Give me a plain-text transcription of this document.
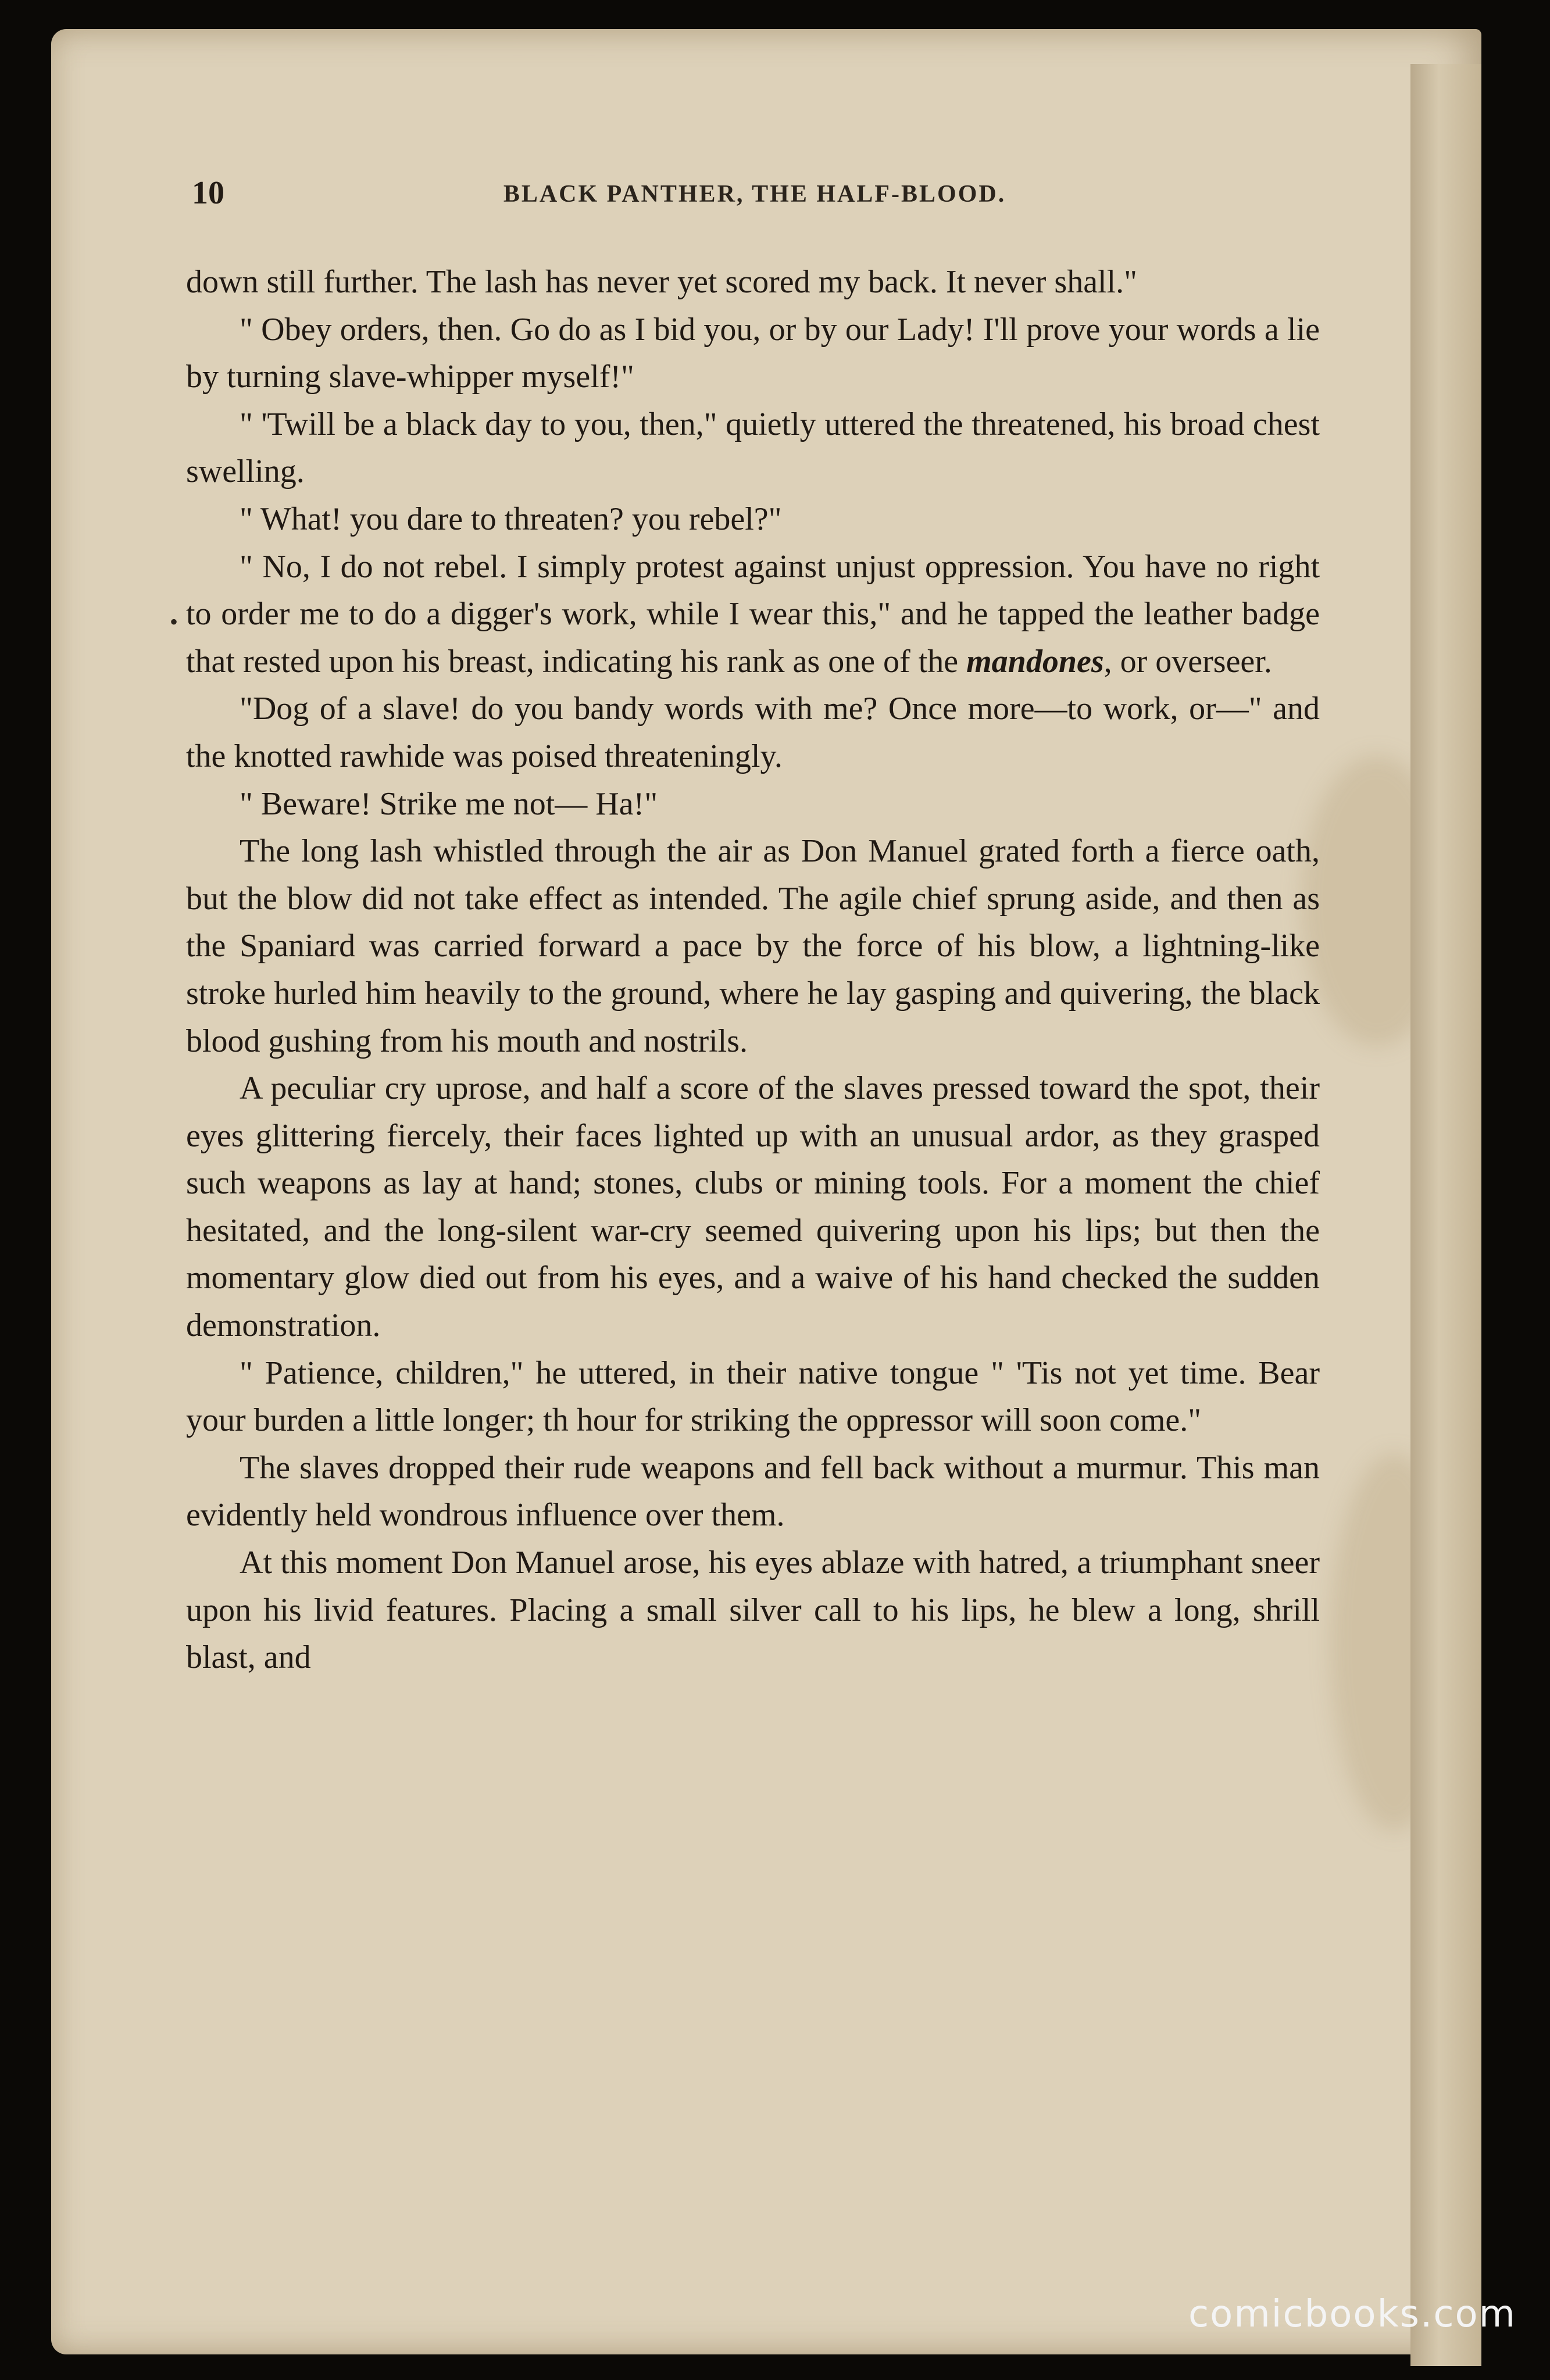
10	BLACK PANTHER, THE HALF-BLOOD.
•

down still further. The lash has never yet scored my back. It never shall."

" Obey orders, then. Go do as I bid you, or by our Lady! I'll prove your words a lie by turning slave-whipper myself!"

" 'Twill be a black day to you, then," quietly uttered the threatened, his broad chest swelling.

" What! you dare to threaten? you rebel?"

" No, I do not rebel. I simply protest against unjust oppression. You have no right to order me to do a digger's work, while I wear this," and he tapped the leather badge that rested upon his breast, indicating his rank as one of the mandones, or overseer.

"Dog of a slave! do you bandy words with me? Once more—to work, or—" and the knotted rawhide was poised threateningly.

" Beware! Strike me not— Ha!"

The long lash whistled through the air as Don Manuel grated forth a fierce oath, but the blow did not take effect as intended. The agile chief sprung aside, and then as the Spaniard was carried forward a pace by the force of his blow, a lightning-like stroke hurled him heavily to the ground, where he lay gasping and quivering, the black blood gushing from his mouth and nostrils.

A peculiar cry uprose, and half a score of the slaves pressed toward the spot, their eyes glittering fiercely, their faces lighted up with an unusual ardor, as they grasped such weapons as lay at hand; stones, clubs or mining tools. For a moment the chief hesitated, and the long-silent war-cry seemed quivering upon his lips; but then the momentary glow died out from his eyes, and a waive of his hand checked the sudden demonstration.

" Patience, children," he uttered, in their native tongue " 'Tis not yet time. Bear your burden a little longer; th hour for striking the oppressor will soon come."

The slaves dropped their rude weapons and fell back without a murmur. This man evidently held wondrous influence over them.

At this moment Don Manuel arose, his eyes ablaze with hatred, a triumphant sneer upon his livid features. Placing a small silver call to his lips, he blew a long, shrill blast, and

comicbooks.com
